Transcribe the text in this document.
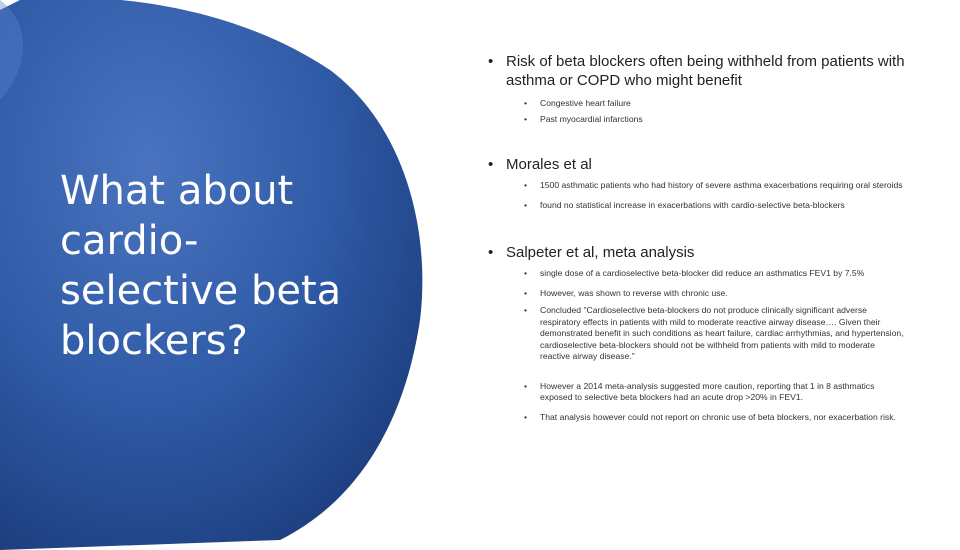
What about cardio-selective beta blockers?
• Risk of beta blockers often being withheld from patients with asthma or COPD who might benefit
• Congestive heart failure
• Past myocardial infarctions
• Morales et al
• 1500 asthmatic patients who had history of severe asthma exacerbations requiring oral steroids
• found no statistical increase in exacerbations with cardio-selective beta-blockers
• Salpeter et al, meta analysis
• single dose of a cardioselective beta-blocker did reduce an asthmatics FEV1 by 7.5%
• However, was shown to reverse with chronic use.
• Concluded "Cardioselective beta-blockers do not produce clinically significant adverse respiratory effects in patients with mild to moderate reactive airway disease…. Given their demonstrated benefit in such conditions as heart failure, cardiac arrhythmias, and hypertension, cardioselective beta-blockers should not be withheld from patients with mild to moderate reactive airway disease."
• However a 2014 meta-analysis suggested more caution, reporting that 1 in 8 asthmatics exposed to selective beta blockers had an acute drop >20% in FEV1.
• That analysis however could not report on chronic use of beta blockers, nor exacerbation risk.
